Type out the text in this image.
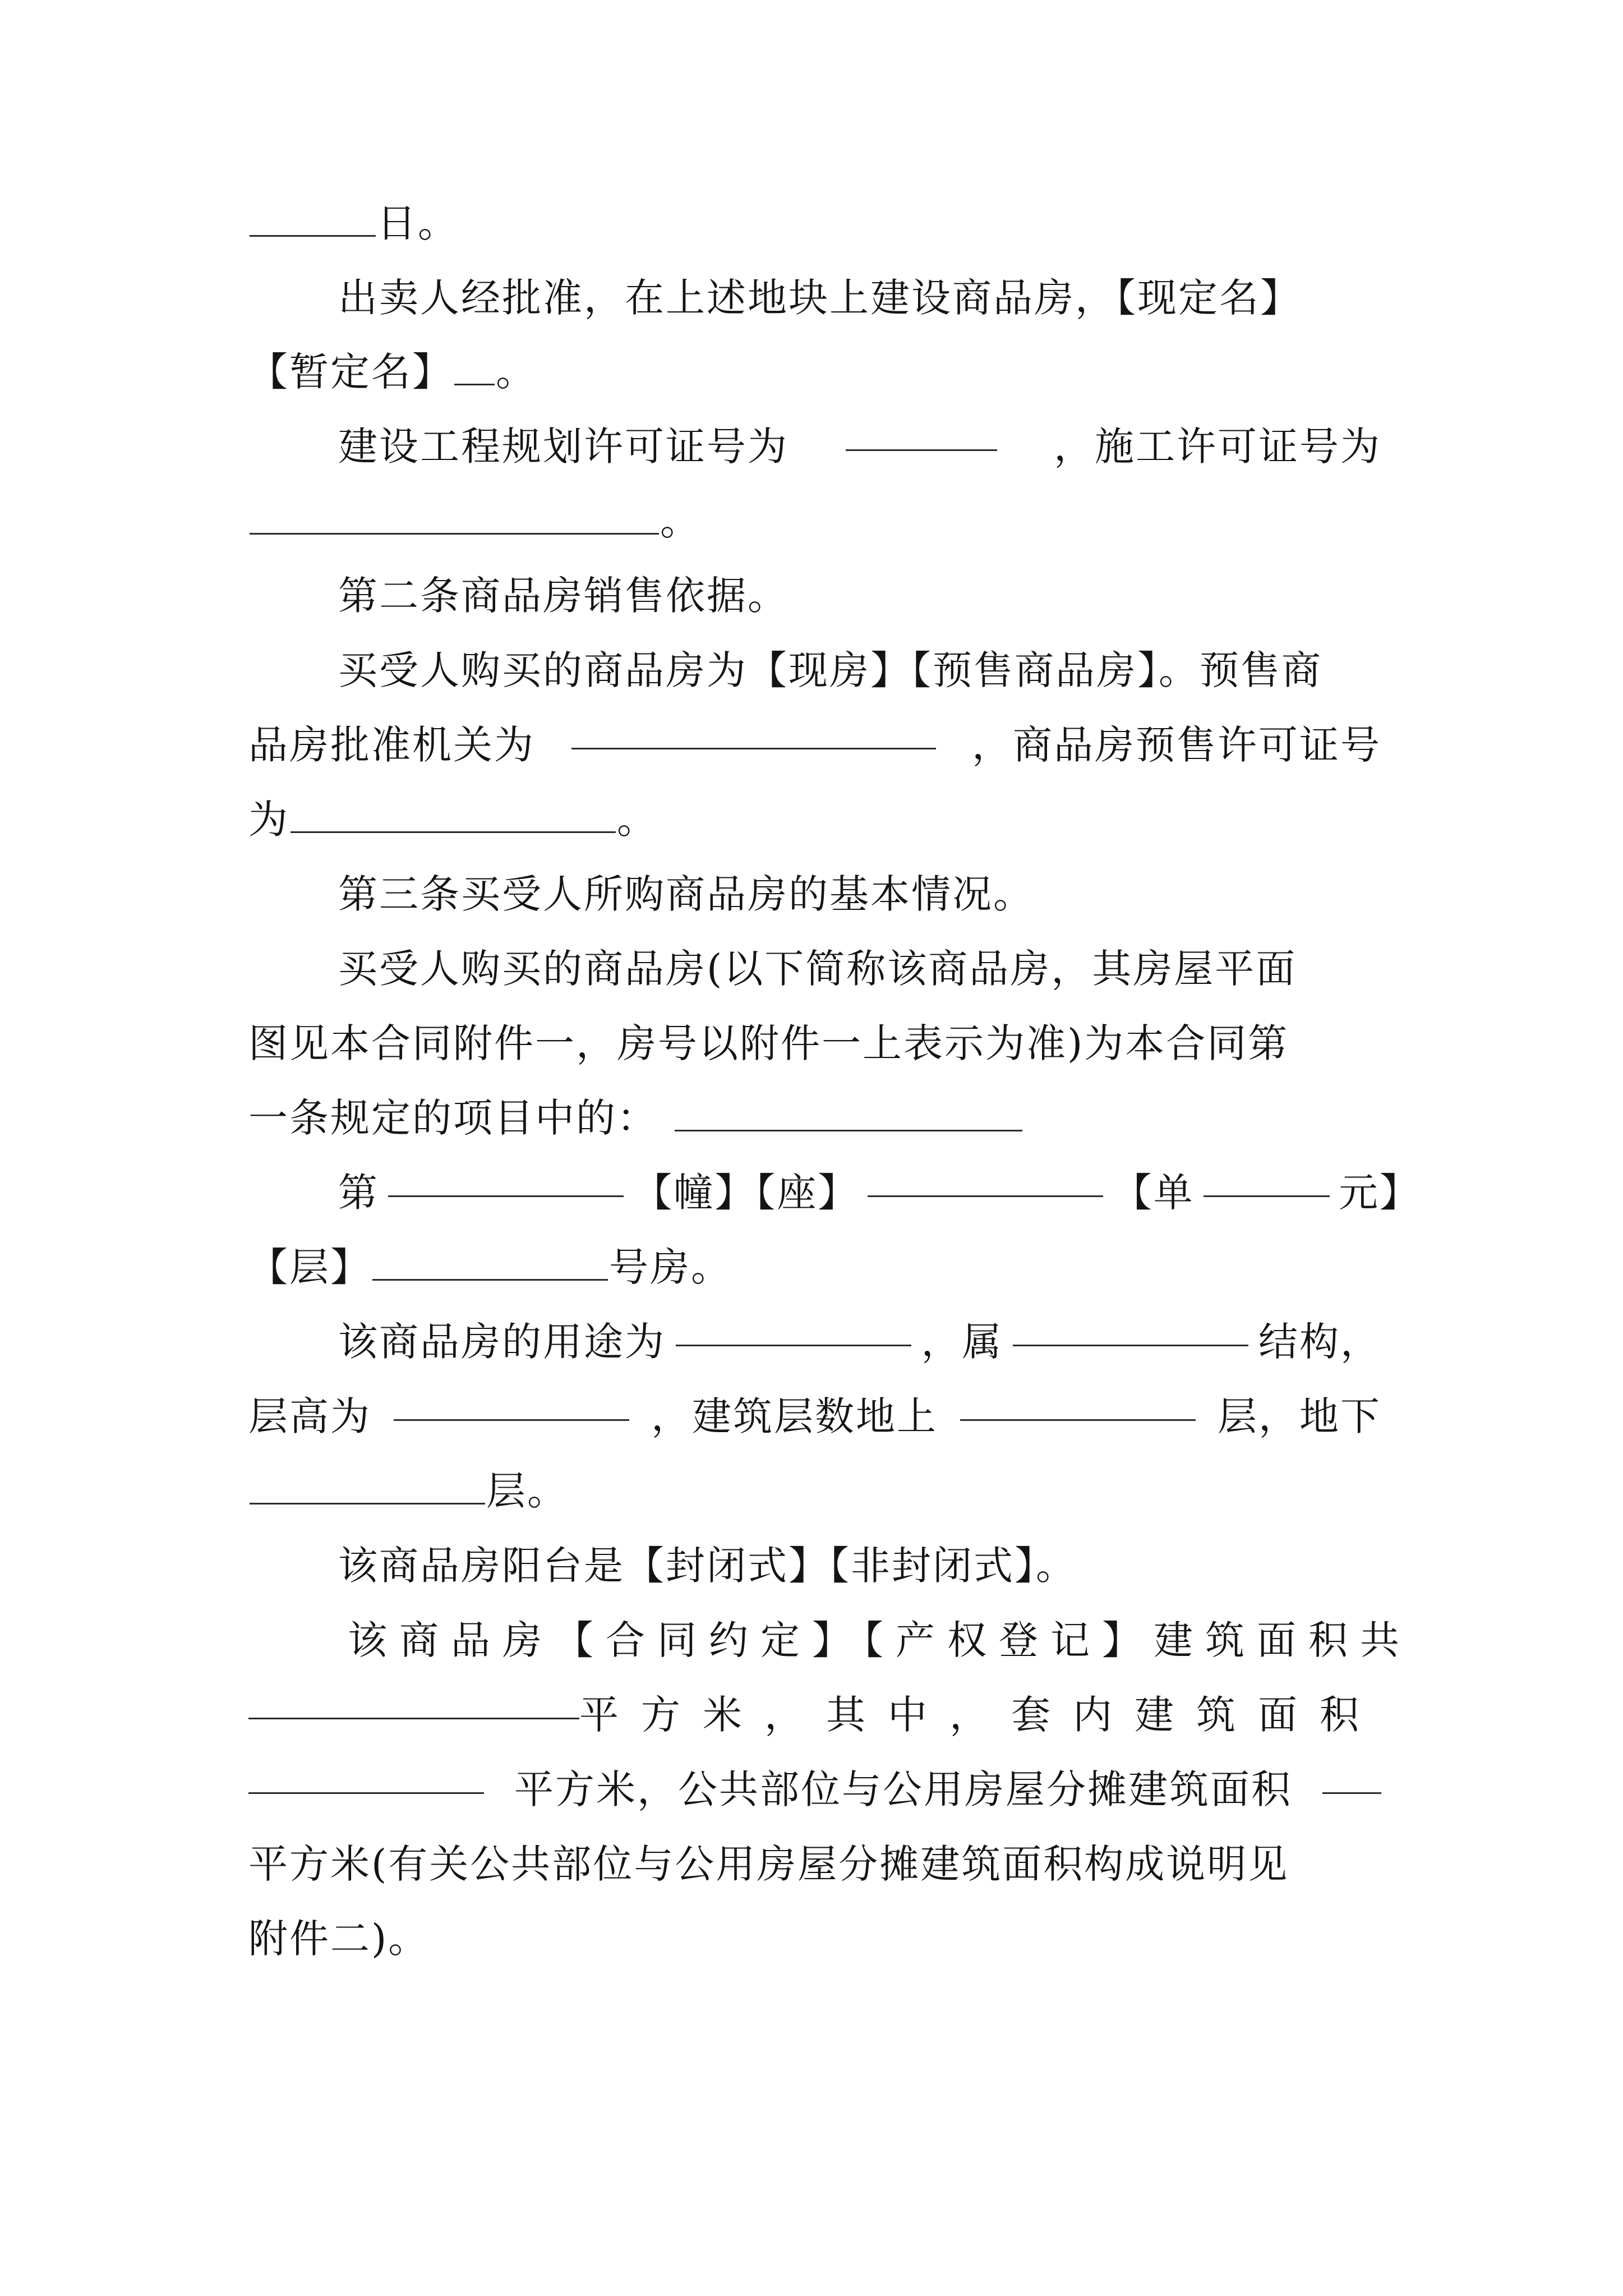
日。
出卖人经批准，在上述地块上建设商品房，【现定名】
【暂定名】 。
建设工程规划许可证号为	，施工许可证号为
。
第二条商品房销售依据。
买受人购买的商品房为【现房】【预售商品房】。预售商
品房批准机关为	，商品房预售许可证号
为	。
第三条买受人所购商品房的基本情况。
买受人购买的商品房(以下简称该商品房，其房屋平面
图见本合同附件一，房号以附件一上表示为准)为本合同第
一条规定的项目中的：
第	【幢】【座】	【单	元】
【层】	号房。
该商品房的用途为	，属	结构，
层高为	，建筑层数地上	层，地下
层。
该商品房阳台是【封闭式】【非封闭式】。
该商品房【合同约定】【产权登记】建筑面积共
平方米，其中，套内建筑面积
平方米，公共部位与公用房屋分摊建筑面积
平方米(有关公共部位与公用房屋分摊建筑面积构成说明见
附件二)。
